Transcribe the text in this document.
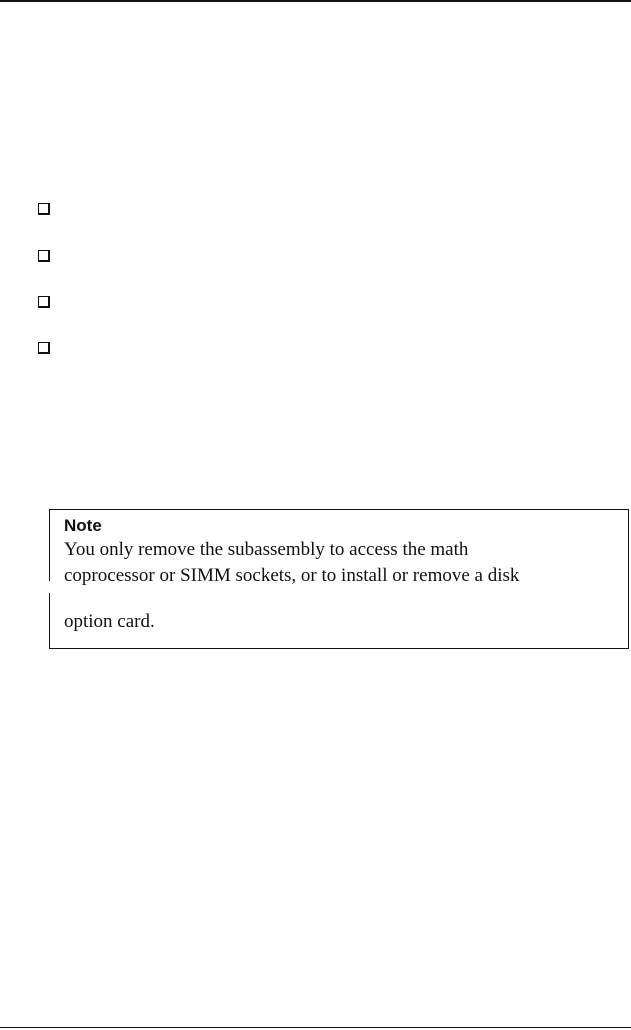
Note
You only remove the subassembly to access the math
coprocessor or SIMM sockets, or to install or remove a disk
option card.
